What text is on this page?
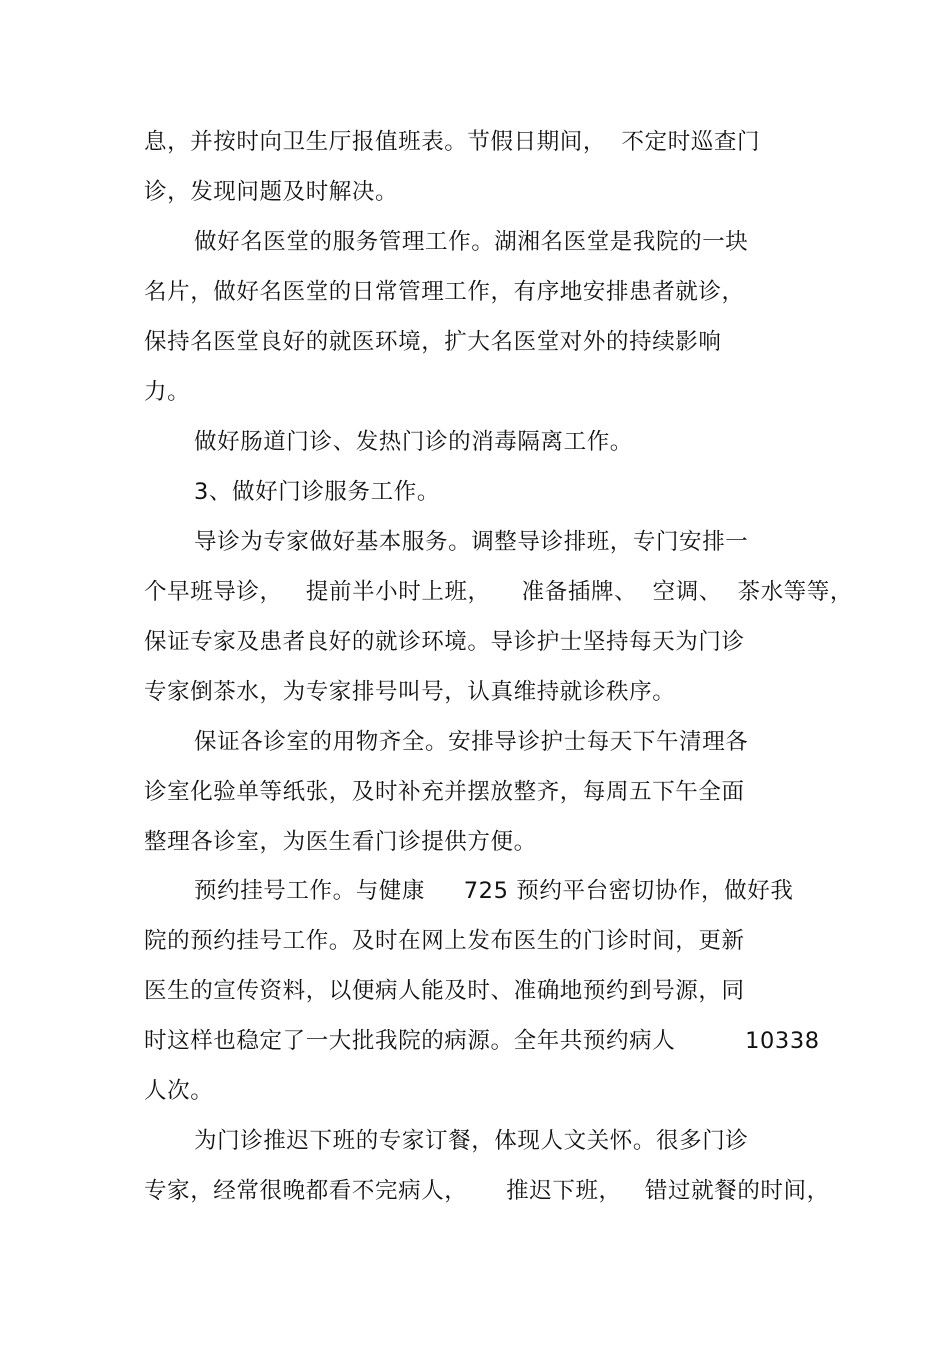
息，并按时向卫生厅报值班表。节假日期间，  不定时巡查门
诊，发现问题及时解决。
做好名医堂的服务管理工作。湖湘名医堂是我院的一块
名片，做好名医堂的日常管理工作，有序地安排患者就诊，
保持名医堂良好的就医环境，扩大名医堂对外的持续影响
力。
做好肠道门诊、发热门诊的消毒隔离工作。
3、做好门诊服务工作。
导诊为专家做好基本服务。调整导诊排班，专门安排一
个早班导诊，   提前半小时上班，    准备插牌、  空调、  茶水等等，
保证专家及患者良好的就诊环境。导诊护士坚持每天为门诊
专家倒茶水，为专家排号叫号，认真维持就诊秩序。
保证各诊室的用物齐全。安排导诊护士每天下午清理各
诊室化验单等纸张，及时补充并摆放整齐，每周五下午全面
整理各诊室，为医生看门诊提供方便。
预约挂号工作。与健康     725 预约平台密切协作，做好我
院的预约挂号工作。及时在网上发布医生的门诊时间，更新
医生的宣传资料，以便病人能及时、准确地预约到号源，同
时这样也稳定了一大批我院的病源。全年共预约病人         10338
人次。
为门诊推迟下班的专家订餐，体现人文关怀。很多门诊
专家，经常很晚都看不完病人，     推迟下班，   错过就餐的时间，
